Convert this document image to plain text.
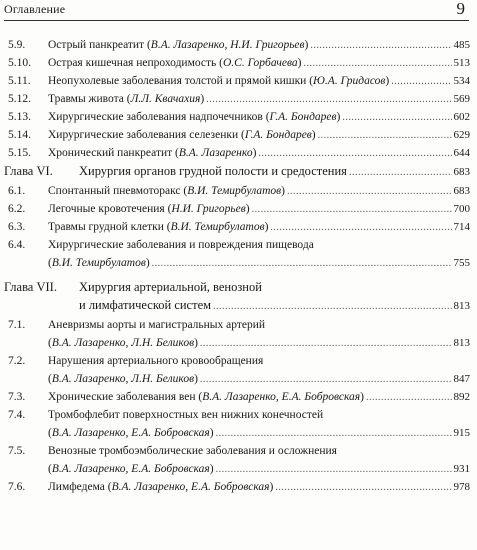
Оглавление	9
5.9. Острый панкреатит ( В.А. Лазаренко, Н.И. Григорьев ) .....	485
5.10. Острая кишечная непроходимость ( О.С. Горбачева ) .....	513
5.11. Неопухолевые заболевания толстой и прямой кишки ( Ю.А. Гридасов ) .....	534
5.12. Травмы живота ( Л.Л. Квачахия ) .....	569
5.13. Хирургические заболевания надпочечников ( Г.А. Бондарев ) .....	602
5.14. Хирургические заболевания селезенки ( Г.А. Бондарев ) .....	629
5.15. Хронический панкреатит ( В.А. Лазаренко ) .....	644
Глава VI. Хирургия органов грудной полости и средостения .....	683
6.1. Спонтанный пневмоторакс ( В.И. Темирбулатов ) .....	683
6.2. Легочные кровотечения ( Н.И. Григорьев ) .....	700
6.3. Травмы грудной клетки ( В.И. Темирбулатов ) .....	714
6.4. Хирургические заболевания и повреждения пищевода
( В.И. Темирбулатов ) .....	755
Глава VII. Хирургия артериальной, венозной
и лимфатической систем .....	813
7.1. Аневризмы аорты и магистральных артерий
( В.А. Лазаренко, Л.Н. Беликов ) .....	813
7.2. Нарушения артериального кровообращения
( В.А. Лазаренко, Л.Н. Беликов ) .....	847
7.3. Хронические заболевания вен ( В.А. Лазаренко, Е.А. Бобровская ) .....	892
7.4. Тромбофлебит поверхностных вен нижних конечностей
( В.А. Лазаренко, Е.А. Бобровская ) .....	915
7.5. Венозные тромбоэмболические заболевания и осложнения
( В.А. Лазаренко, Е.А. Бобровская ) .....	931
7.6. Лимфедема ( В.А. Лазаренко, Е.А. Бобровская ) .....	978
